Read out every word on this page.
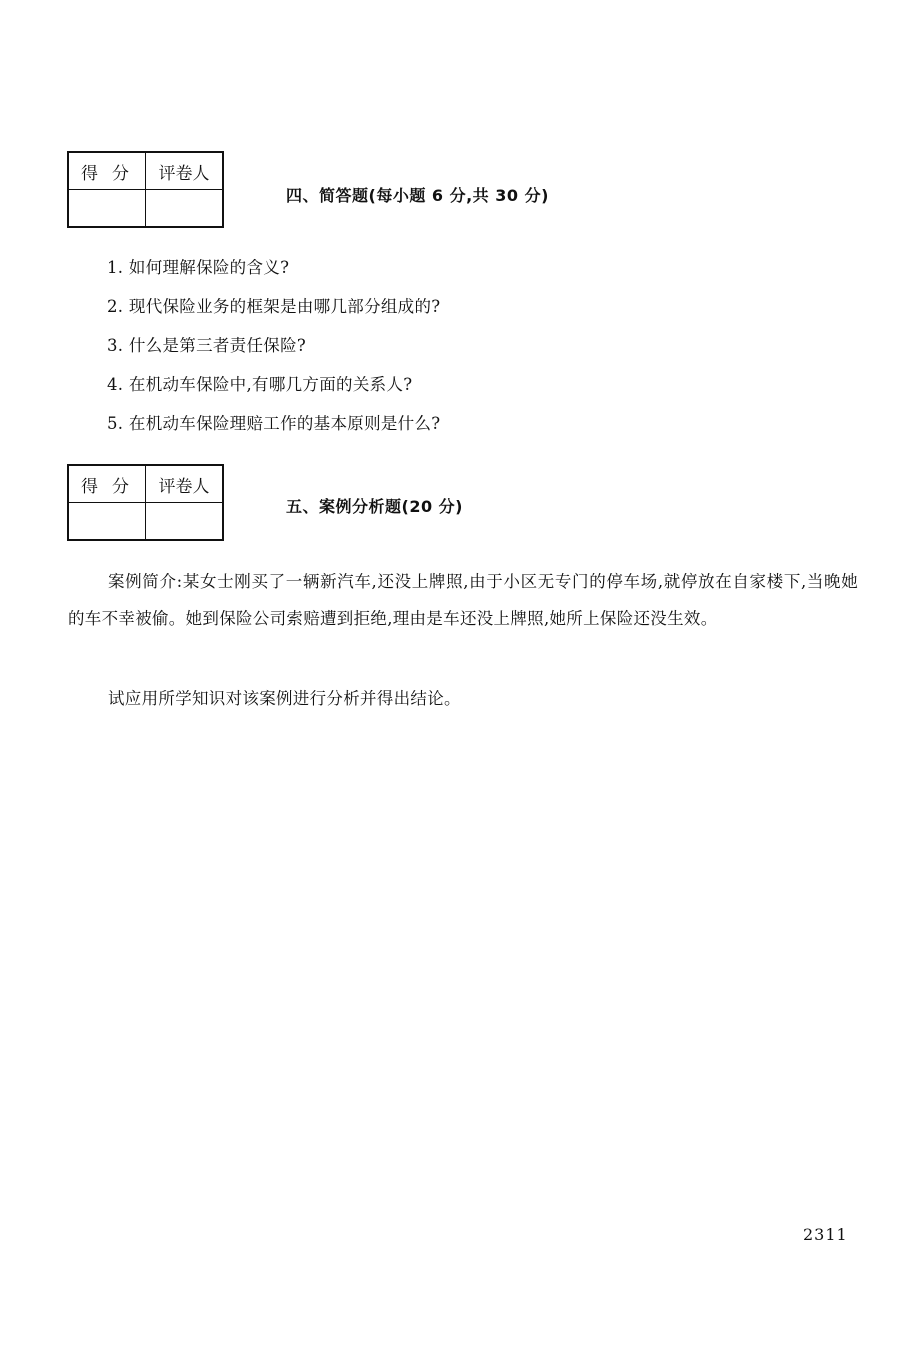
得分	评卷人

四、简答题(每小题 6 分,共 30 分)
1. 如何理解保险的含义?
2. 现代保险业务的框架是由哪几部分组成的?
3. 什么是第三者责任保险?
4. 在机动车保险中,有哪几方面的关系人?
5. 在机动车保险理赔工作的基本原则是什么?
得分	评卷人

五、案例分析题(20 分)

案例简介:某女士刚买了一辆新汽车,还没上牌照,由于小区无专门的停车场,就停放在自家楼下,当晚她的车不幸被偷。她到保险公司索赔遭到拒绝,理由是车还没上牌照,她所上保险还没生效。

试应用所学知识对该案例进行分析并得出结论。

2311
